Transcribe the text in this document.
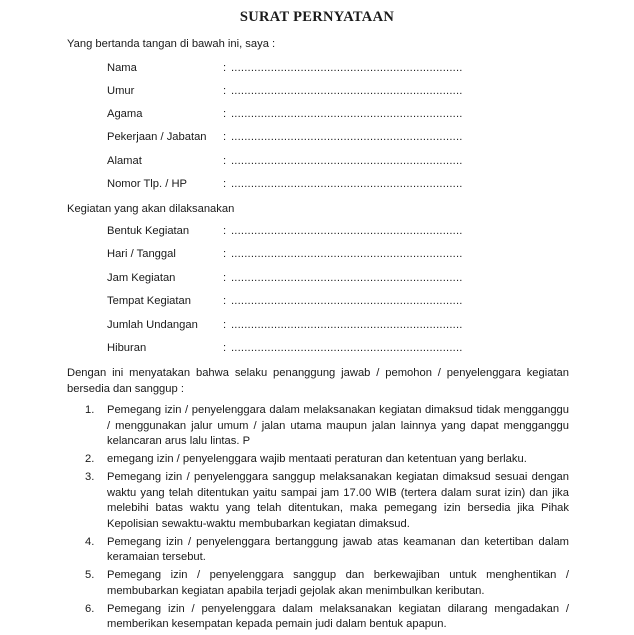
SURAT PERNYATAAN
Yang bertanda tangan di bawah ini, saya :
Nama	: ......................................................................
Umur	: ......................................................................
Agama	: ......................................................................
Pekerjaan / Jabatan : ......................................................................
Alamat	: ......................................................................
Nomor Tlp. / HP	: ......................................................................
Kegiatan yang akan dilaksanakan
Bentuk Kegiatan	: ......................................................................
Hari / Tanggal	: ......................................................................
Jam Kegiatan	: ......................................................................
Tempat Kegiatan	: ......................................................................
Jumlah Undangan : ......................................................................
Hiburan	: ......................................................................
Dengan ini menyatakan bahwa selaku penanggung jawab / pemohon / penyelenggara kegiatan bersedia dan sanggup :
1. Pemegang izin / penyelenggara dalam melaksanakan kegiatan dimaksud tidak mengganggu / menggunakan jalur umum / jalan utama maupun jalan lainnya yang dapat mengganggu kelancaran arus lalu lintas. P
2. emegang izin / penyelenggara wajib mentaati peraturan dan ketentuan yang berlaku.
3. Pemegang izin / penyelenggara sanggup melaksanakan kegiatan dimaksud sesuai dengan waktu yang telah ditentukan yaitu sampai jam 17.00 WIB (tertera dalam surat izin) dan jika melebihi batas waktu yang telah ditentukan, maka pemegang izin bersedia jika Pihak Kepolisian sewaktu-waktu membubarkan kegiatan dimaksud.
4. Pemegang izin / penyelenggara bertanggung jawab atas keamanan dan ketertiban dalam keramaian tersebut.
5. Pemegang izin / penyelenggara sanggup dan berkewajiban untuk menghentikan / membubarkan kegiatan apabila terjadi gejolak akan menimbulkan keributan.
6. Pemegang izin / penyelenggara dalam melaksanakan kegiatan dilarang mengadakan / memberikan kesempatan kepada pemain judi dalam bentuk apapun.
